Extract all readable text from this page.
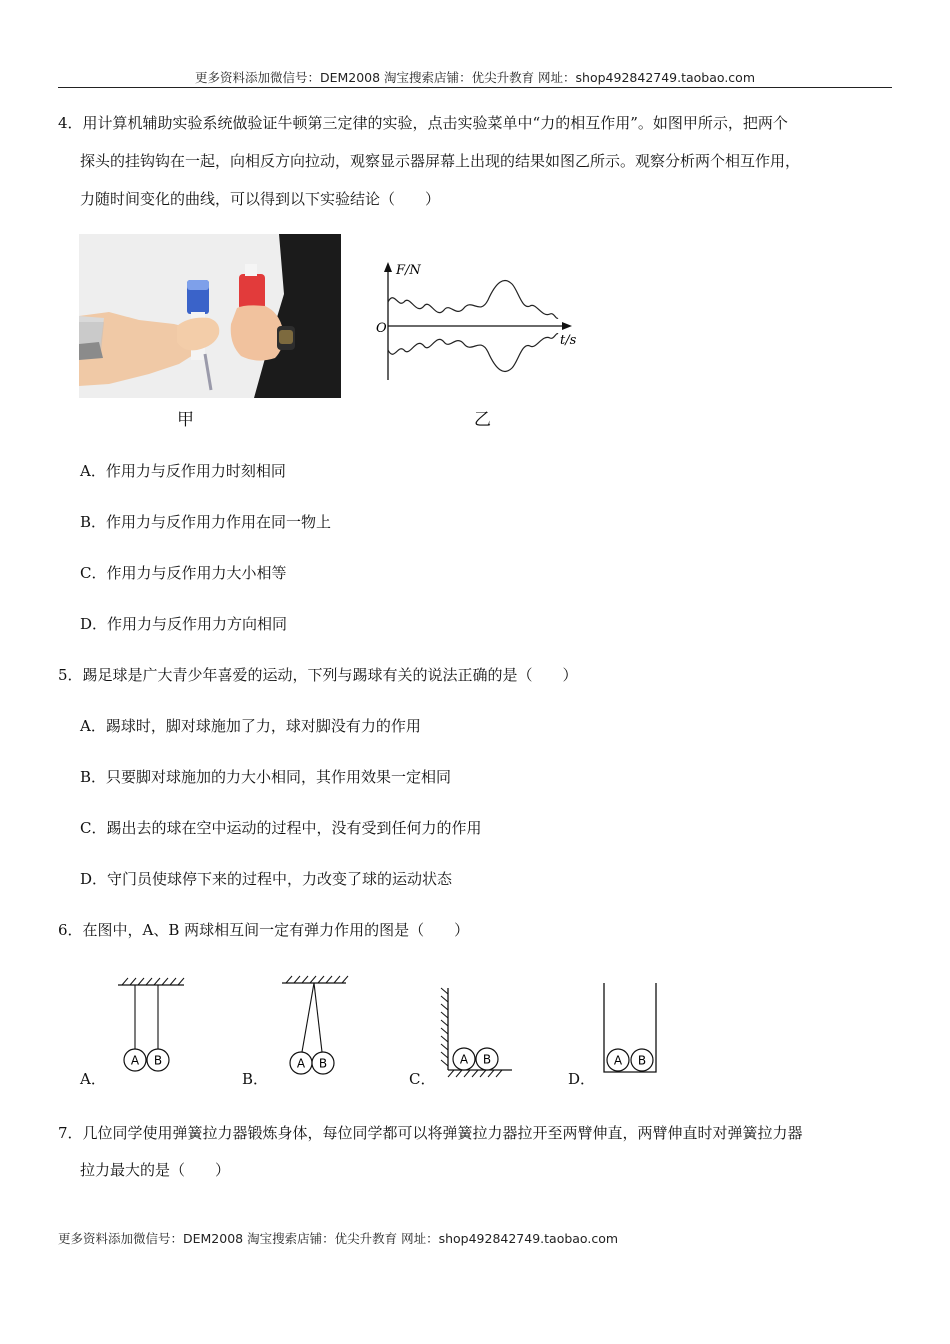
更多资料添加微信号：DEM2008 淘宝搜索店铺：优尖升教育 网址：shop492842749.taobao.com
4．用计算机辅助实验系统做验证牛顿第三定律的实验，点击实验菜单中“力的相互作用”。如图甲所示，把两个
探头的挂钩钩在一起，向相反方向拉动，观察显示器屏幕上出现的结果如图乙所示。观察分析两个相互作用，
力随时间变化的曲线，可以得到以下实验结论（　　）
甲
F/N
O
t/s
乙
A．作用力与反作用力时刻相同
B．作用力与反作用力作用在同一物上
C．作用力与反作用力大小相等
D．作用力与反作用力方向相同
5．踢足球是广大青少年喜爱的运动，下列与踢球有关的说法正确的是（　　）
A．踢球时，脚对球施加了力，球对脚没有力的作用
B．只要脚对球施加的力大小相同，其作用效果一定相同
C．踢出去的球在空中运动的过程中，没有受到任何力的作用
D．守门员使球停下来的过程中，力改变了球的运动状态
6．在图中，A、B 两球相互间一定有弹力作用的图是（　　）
A B
A．
A B
B．
A B
C．
A B
D．
7．几位同学使用弹簧拉力器锻炼身体，每位同学都可以将弹簧拉力器拉开至两臂伸直，两臂伸直时对弹簧拉力器
拉力最大的是（　　）
更多资料添加微信号：DEM2008 淘宝搜索店铺：优尖升教育 网址：shop492842749.taobao.com
